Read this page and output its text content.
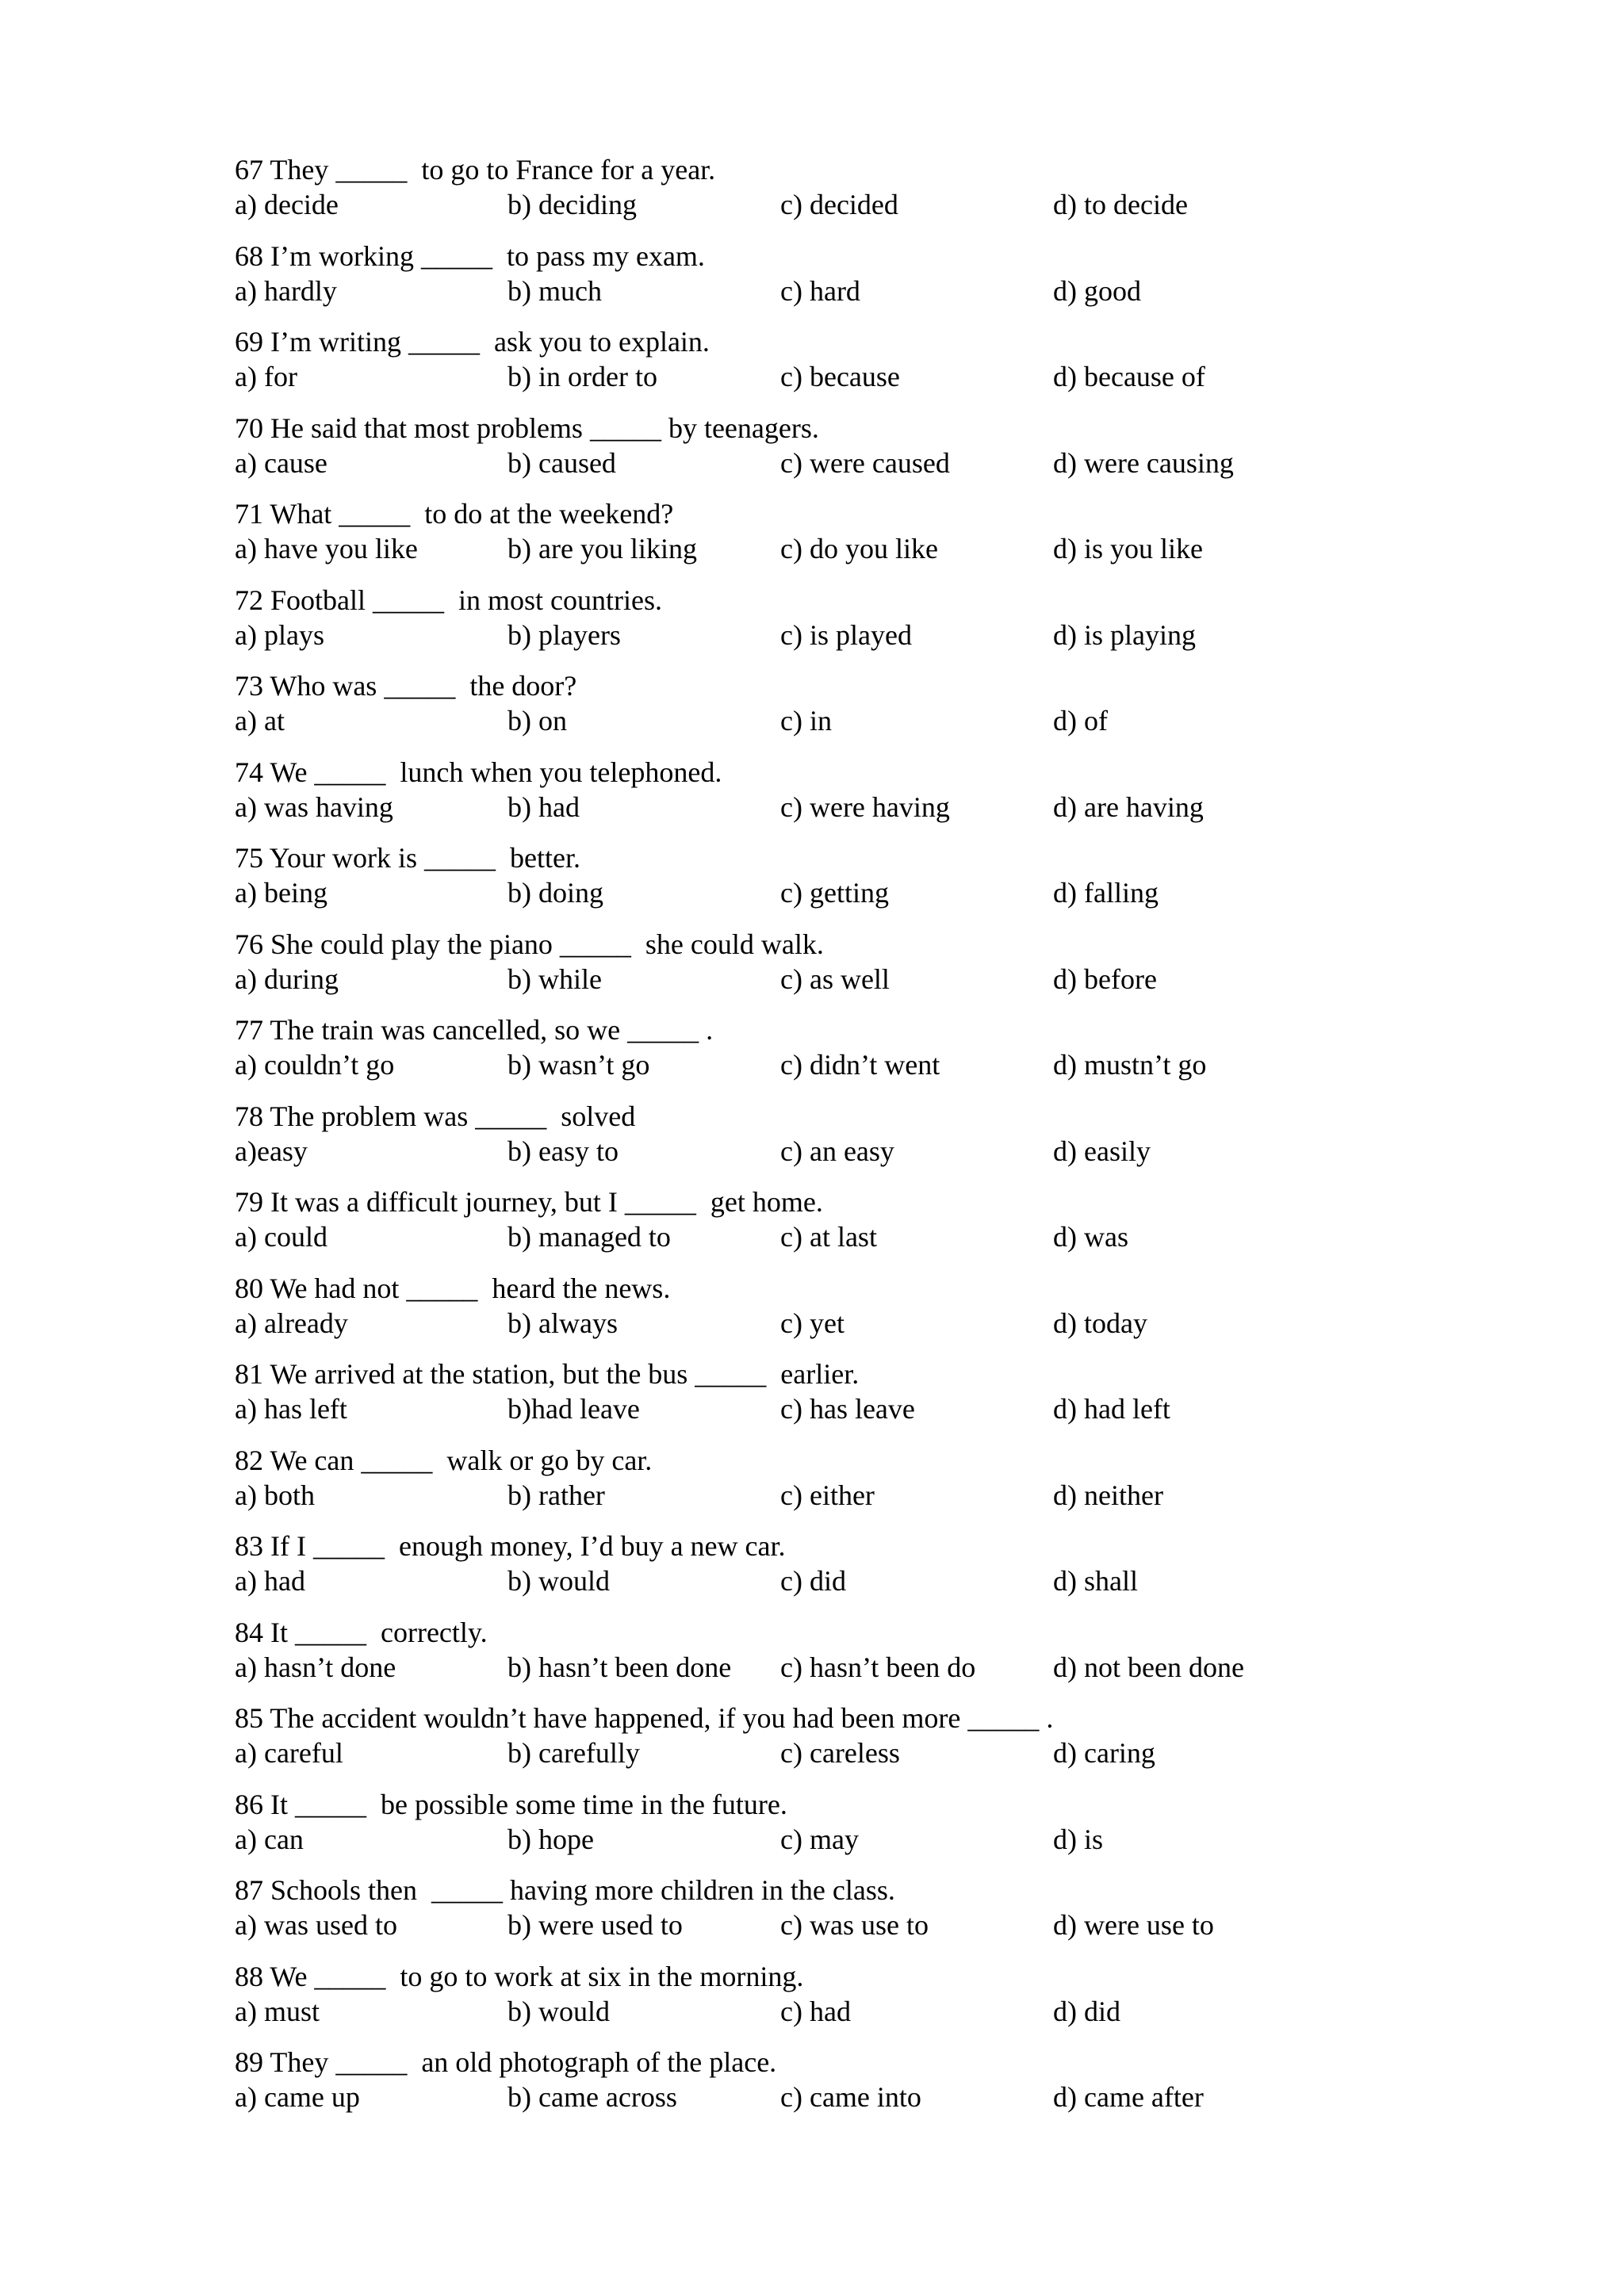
67 They _____  to go to France for a year.
a) decide	b) deciding	c) decided	d) to decide
68 I’m working _____  to pass my exam.
a) hardly	b) much	c) hard	d) good
69 I’m writing _____  ask you to explain.
a) for	b) in order to	c) because	d) because of
70 He said that most problems _____ by teenagers.
a) cause	b) caused	c) were caused	d) were causing
71 What _____  to do at the weekend?
a) have you like	b) are you liking	c) do you like	d) is you like
72 Football _____  in most countries.
a) plays	b) players	c) is played	d) is playing
73 Who was _____  the door?
a) at	b) on	c) in	d) of
74 We _____  lunch when you telephoned.
a) was having	b) had	c) were having	d) are having
75 Your work is _____  better.
a) being	b) doing	c) getting	d) falling
76 She could play the piano _____  she could walk.
a) during	b) while	c) as well	d) before
77 The train was cancelled, so we _____ .
a) couldn’t go	b) wasn’t go	c) didn’t went	d) mustn’t go
78 The problem was _____  solved
a)easy	b) easy to	c) an easy	d) easily
79 It was a difficult journey, but I _____  get home.
a) could	b) managed to	c) at last	d) was
80 We had not _____  heard the news.
a) already	b) always	c) yet	d) today
81 We arrived at the station, but the bus _____  earlier.
a) has left	b)had leave	c) has leave	d) had left
82 We can _____  walk or go by car.
a) both	b) rather	c) either	d) neither
83 If I _____  enough money, I’d buy a new car.
a) had	b) would	c) did	d) shall
84 It _____  correctly.
a) hasn’t done	b) hasn’t been done c) hasn’t been do	d) not been done
85 The accident wouldn’t have happened, if you had been more _____ .
a) careful	b) carefully	c) careless	d) caring
86 It _____  be possible some time in the future.
a) can	b) hope	c) may	d) is
87 Schools then  _____ having more children in the class.
a) was used to	b) were used to	c) was use to	d) were use to
88 We _____  to go to work at six in the morning.
a) must	b) would	c) had	d) did
89 They _____  an old photograph of the place.
a) came up	b) came across	c) came into	d) came after
